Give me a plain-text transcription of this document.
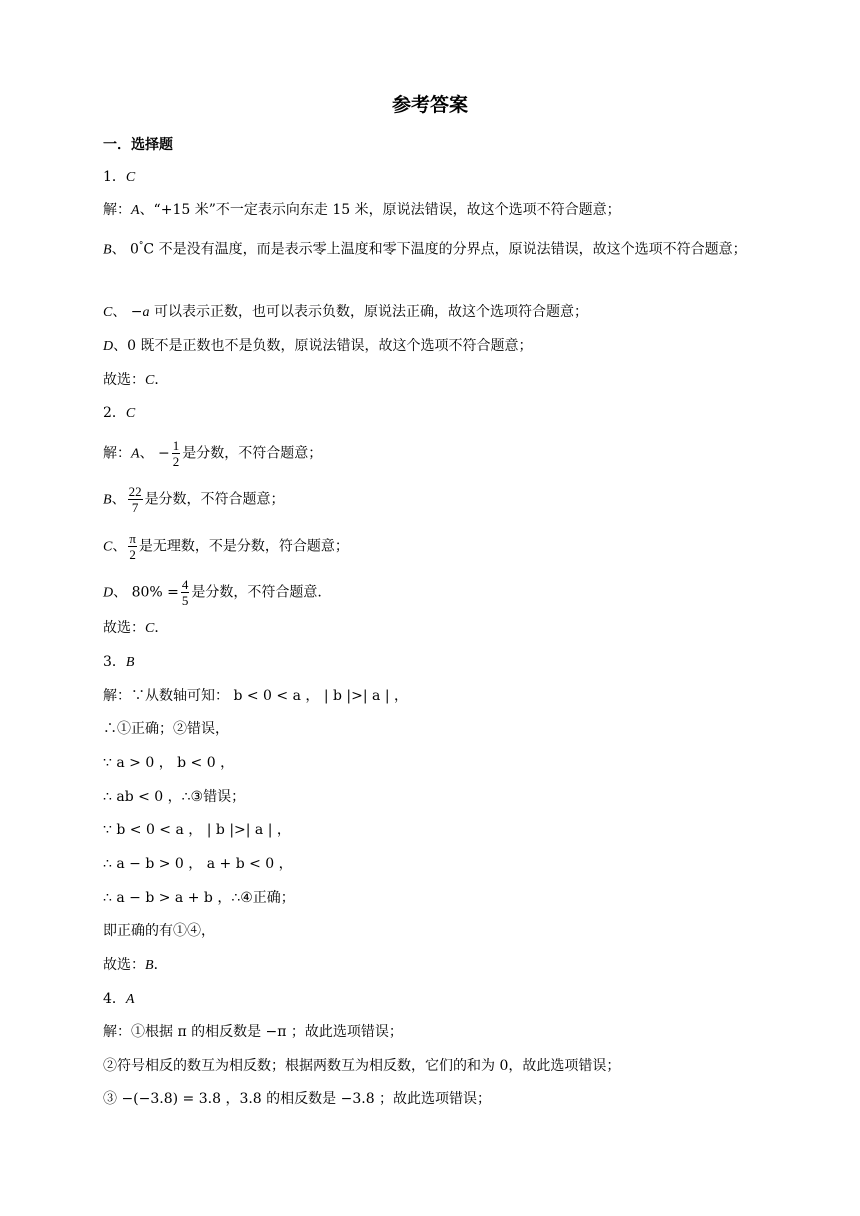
参考答案
一．选择题
1．C
解：A、“+15 米”不一定表示向东走 15 米，原说法错误，故这个选项不符合题意；
B、 0°C 不是没有温度，而是表示零上温度和零下温度的分界点，原说法错误，故这个选项不符合题意；
C、 −a 可以表示正数，也可以表示负数，原说法正确，故这个选项符合题意；
D、0 既不是正数也不是负数，原说法错误，故这个选项不符合题意；
故选：C．
2．C
解：A、 − $\frac{1}{2}$ 是分数，不符合题意；
B、 $\frac{22}{7}$ 是分数，不符合题意；
C、 $\frac{\pi}{2}$ 是无理数，不是分数，符合题意；
D、 $80\% = \frac{4}{5}$ 是分数，不符合题意.
故选：C．
3．B
解：∵从数轴可知： b < 0 < a ， | b |>| a | ，
∴①正确；②错误，
∵ a > 0 ， b < 0 ，
∴ ab < 0 ，∴③错误；
∵ b < 0 < a ， | b |>| a | ，
∴ a − b > 0 ， a + b < 0 ，
∴ a − b > a + b ，∴④正确；
即正确的有①④，
故选：B．
4．A
解：①根据 π 的相反数是 −π ；故此选项错误；
②符号相反的数互为相反数；根据两数互为相反数，它们的和为 0，故此选项错误；
③ −(−3.8) = 3.8 ，3.8 的相反数是 −3.8 ；故此选项错误；
